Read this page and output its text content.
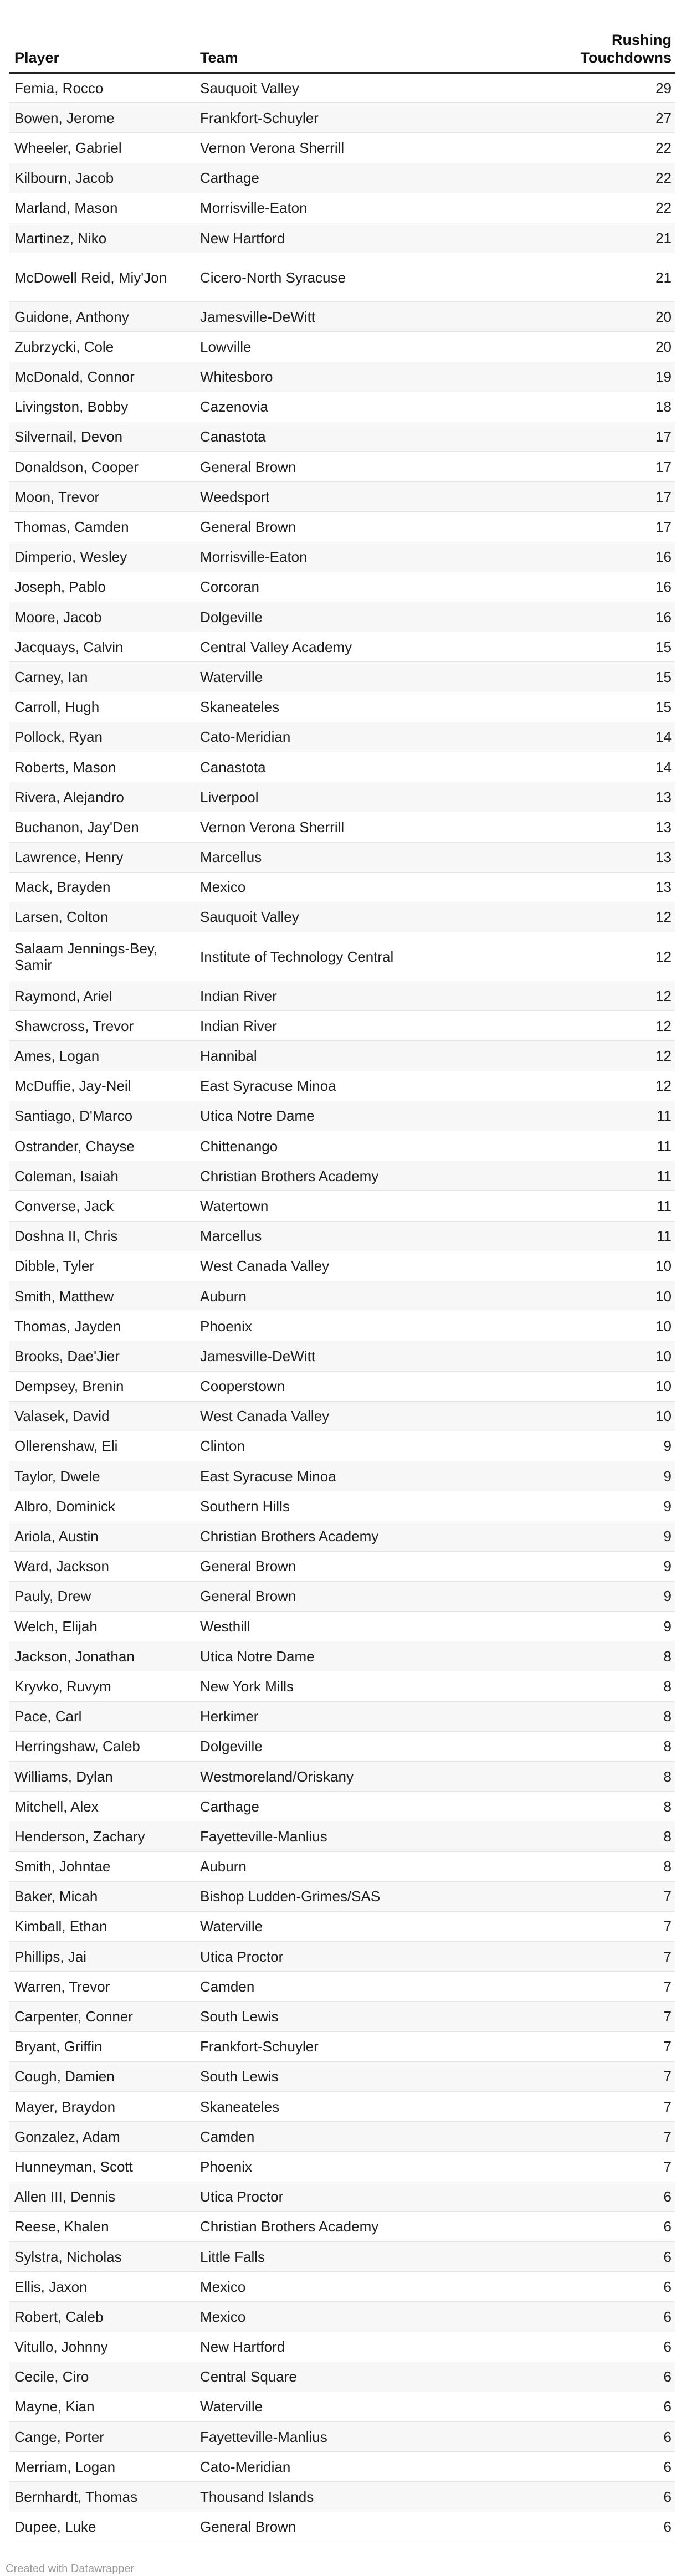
Player	Team	Rushing Touchdowns
Femia, Rocco	Sauquoit Valley	29
Bowen, Jerome	Frankfort-Schuyler	27
Wheeler, Gabriel	Vernon Verona Sherrill	22
Kilbourn, Jacob	Carthage	22
Marland, Mason	Morrisville-Eaton	22
Martinez, Niko	New Hartford	21
McDowell Reid, Miy'Jon	Cicero-North Syracuse	21
Guidone, Anthony	Jamesville-DeWitt	20
Zubrzycki, Cole	Lowville	20
McDonald, Connor	Whitesboro	19
Livingston, Bobby	Cazenovia	18
Silvernail, Devon	Canastota	17
Donaldson, Cooper	General Brown	17
Moon, Trevor	Weedsport	17
Thomas, Camden	General Brown	17
Dimperio, Wesley	Morrisville-Eaton	16
Joseph, Pablo	Corcoran	16
Moore, Jacob	Dolgeville	16
Jacquays, Calvin	Central Valley Academy	15
Carney, Ian	Waterville	15
Carroll, Hugh	Skaneateles	15
Pollock, Ryan	Cato-Meridian	14
Roberts, Mason	Canastota	14
Rivera, Alejandro	Liverpool	13
Buchanon, Jay'Den	Vernon Verona Sherrill	13
Lawrence, Henry	Marcellus	13
Mack, Brayden	Mexico	13
Larsen, Colton	Sauquoit Valley	12
Salaam Jennings-Bey, Samir	Institute of Technology Central	12
Raymond, Ariel	Indian River	12
Shawcross, Trevor	Indian River	12
Ames, Logan	Hannibal	12
McDuffie, Jay-Neil	East Syracuse Minoa	12
Santiago, D'Marco	Utica Notre Dame	11
Ostrander, Chayse	Chittenango	11
Coleman, Isaiah	Christian Brothers Academy	11
Converse, Jack	Watertown	11
Doshna II, Chris	Marcellus	11
Dibble, Tyler	West Canada Valley	10
Smith, Matthew	Auburn	10
Thomas, Jayden	Phoenix	10
Brooks, Dae'Jier	Jamesville-DeWitt	10
Dempsey, Brenin	Cooperstown	10
Valasek, David	West Canada Valley	10
Ollerenshaw, Eli	Clinton	9
Taylor, Dwele	East Syracuse Minoa	9
Albro, Dominick	Southern Hills	9
Ariola, Austin	Christian Brothers Academy	9
Ward, Jackson	General Brown	9
Pauly, Drew	General Brown	9
Welch, Elijah	Westhill	9
Jackson, Jonathan	Utica Notre Dame	8
Kryvko, Ruvym	New York Mills	8
Pace, Carl	Herkimer	8
Herringshaw, Caleb	Dolgeville	8
Williams, Dylan	Westmoreland/Oriskany	8
Mitchell, Alex	Carthage	8
Henderson, Zachary	Fayetteville-Manlius	8
Smith, Johntae	Auburn	8
Baker, Micah	Bishop Ludden-Grimes/SAS	7
Kimball, Ethan	Waterville	7
Phillips, Jai	Utica Proctor	7
Warren, Trevor	Camden	7
Carpenter, Conner	South Lewis	7
Bryant, Griffin	Frankfort-Schuyler	7
Cough, Damien	South Lewis	7
Mayer, Braydon	Skaneateles	7
Gonzalez, Adam	Camden	7
Hunneyman, Scott	Phoenix	7
Allen III, Dennis	Utica Proctor	6
Reese, Khalen	Christian Brothers Academy	6
Sylstra, Nicholas	Little Falls	6
Ellis, Jaxon	Mexico	6
Robert, Caleb	Mexico	6
Vitullo, Johnny	New Hartford	6
Cecile, Ciro	Central Square	6
Mayne, Kian	Waterville	6
Cange, Porter	Fayetteville-Manlius	6
Merriam, Logan	Cato-Meridian	6
Bernhardt, Thomas	Thousand Islands	6
Dupee, Luke	General Brown	6
Created with Datawrapper
